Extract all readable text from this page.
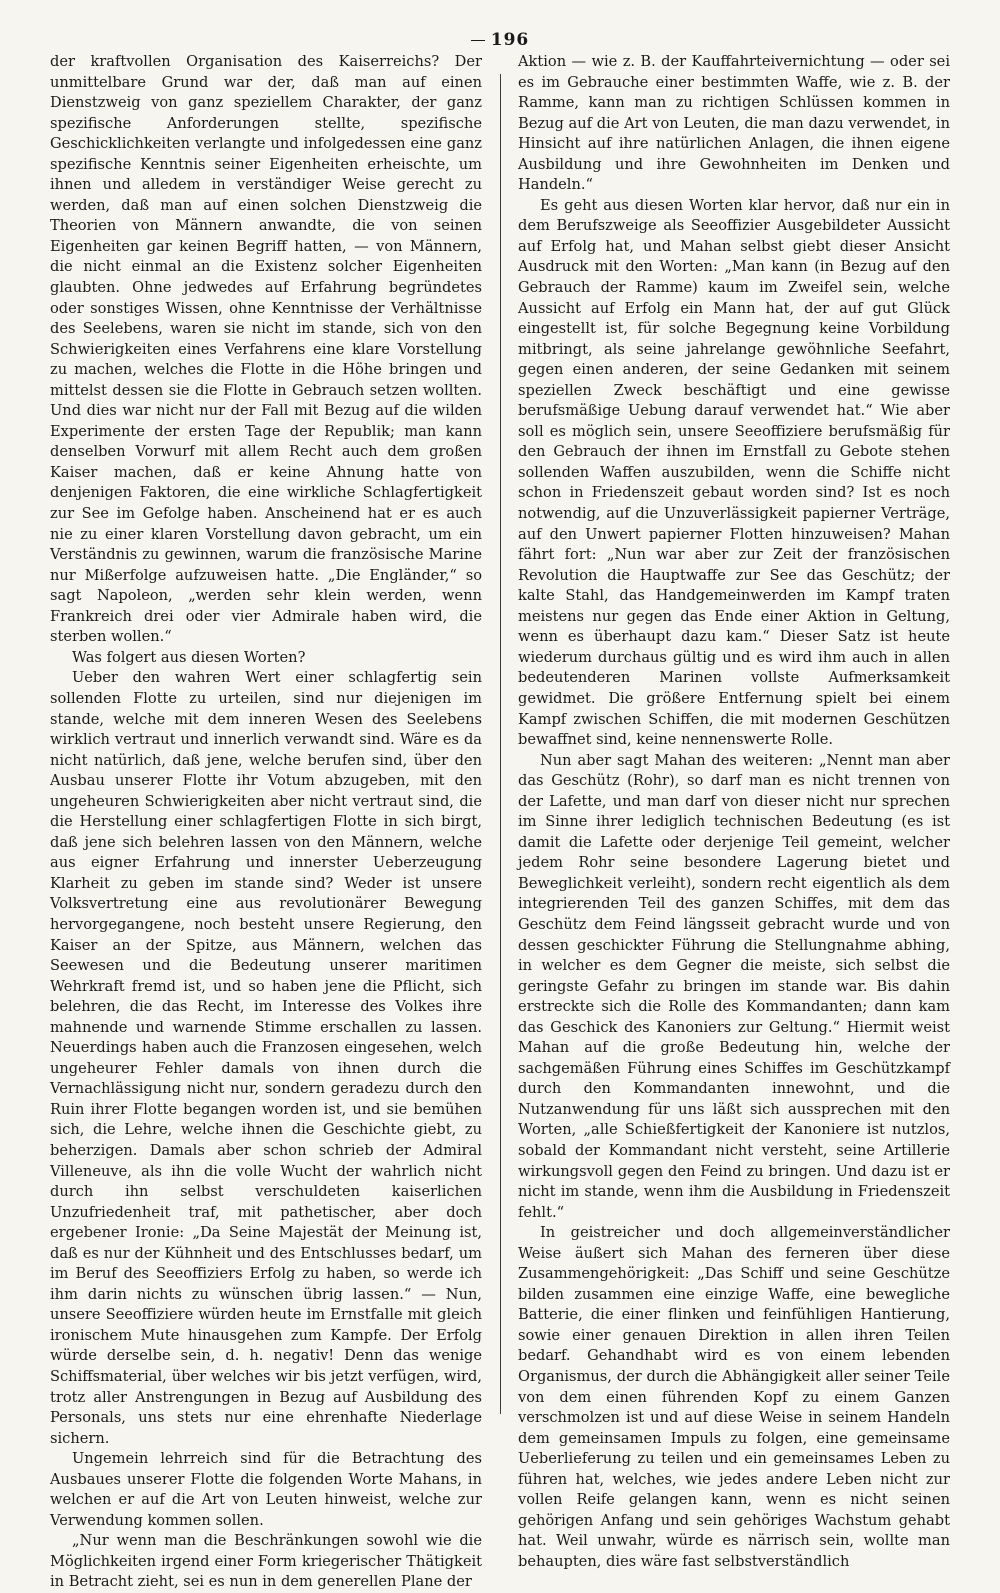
196

der kraftvollen Organisation des Kaiserreichs? Der unmittelbare Grund war der, daß man auf einen Dienstzweig von ganz speziellem Charakter, der ganz spezifische Anforderungen stellte, spezifische Geschicklichkeiten verlangte und infolgedessen eine ganz spezifische Kenntnis seiner Eigenheiten erheischte, um ihnen und alledem in verständiger Weise gerecht zu werden, daß man auf einen solchen Dienstzweig die Theorien von Männern anwandte, die von seinen Eigenheiten gar keinen Begriff hatten, — von Männern, die nicht einmal an die Existenz solcher Eigenheiten glaubten. Ohne jedwedes auf Erfahrung begründetes oder sonstiges Wissen, ohne Kenntnisse der Verhältnisse des Seelebens, waren sie nicht im stande, sich von den Schwierigkeiten eines Verfahrens eine klare Vorstellung zu machen, welches die Flotte in die Höhe bringen und mittelst dessen sie die Flotte in Gebrauch setzen wollten. Und dies war nicht nur der Fall mit Bezug auf die wilden Experimente der ersten Tage der Republik; man kann denselben Vorwurf mit allem Recht auch dem großen Kaiser machen, daß er keine Ahnung hatte von denjenigen Faktoren, die eine wirkliche Schlagfertigkeit zur See im Gefolge haben. Anscheinend hat er es auch nie zu einer klaren Vorstellung davon gebracht, um ein Verständnis zu gewinnen, warum die französische Marine nur Mißerfolge aufzuweisen hatte. „Die Engländer,“ so sagt Napoleon, „werden sehr klein werden, wenn Frankreich drei oder vier Admirale haben wird, die sterben wollen.“

Was folgert aus diesen Worten?

Ueber den wahren Wert einer schlagfertig sein sollenden Flotte zu urteilen, sind nur diejenigen im stande, welche mit dem inneren Wesen des Seelebens wirklich vertraut und innerlich verwandt sind. Wäre es da nicht natürlich, daß jene, welche berufen sind, über den Ausbau unserer Flotte ihr Votum abzugeben, mit den ungeheuren Schwierigkeiten aber nicht vertraut sind, die die Herstellung einer schlagfertigen Flotte in sich birgt, daß jene sich belehren lassen von den Männern, welche aus eigner Erfahrung und innerster Ueberzeugung Klarheit zu geben im stande sind? Weder ist unsere Volksvertretung eine aus revolutionärer Bewegung hervorgegangene, noch besteht unsere Regierung, den Kaiser an der Spitze, aus Männern, welchen das Seewesen und die Bedeutung unserer maritimen Wehrkraft fremd ist, und so haben jene die Pflicht, sich belehren, die das Recht, im Interesse des Volkes ihre mahnende und warnende Stimme erschallen zu lassen. Neuerdings haben auch die Franzosen eingesehen, welch ungeheurer Fehler damals von ihnen durch die Vernachlässigung nicht nur, sondern geradezu durch den Ruin ihrer Flotte begangen worden ist, und sie bemühen sich, die Lehre, welche ihnen die Geschichte giebt, zu beherzigen. Damals aber schon schrieb der Admiral Villeneuve, als ihn die volle Wucht der wahrlich nicht durch ihn selbst verschuldeten kaiserlichen Unzufriedenheit traf, mit pathetischer, aber doch ergebener Ironie: „Da Seine Majestät der Meinung ist, daß es nur der Kühnheit und des Entschlusses bedarf, um im Beruf des Seeoffiziers Erfolg zu haben, so werde ich ihm darin nichts zu wünschen übrig lassen.“ — Nun, unsere Seeoffiziere würden heute im Ernstfalle mit gleich ironischem Mute hinausgehen zum Kampfe. Der Erfolg würde derselbe sein, d. h. negativ! Denn das wenige Schiffsmaterial, über welches wir bis jetzt verfügen, wird, trotz aller Anstrengungen in Bezug auf Ausbildung des Personals, uns stets nur eine ehrenhafte Niederlage sichern.

Ungemein lehrreich sind für die Betrachtung des Ausbaues unserer Flotte die folgenden Worte Mahans, in welchen er auf die Art von Leuten hinweist, welche zur Verwendung kommen sollen.

„Nur wenn man die Beschränkungen sowohl wie die Möglichkeiten irgend einer Form kriegerischer Thätigkeit in Betracht zieht, sei es nun in dem generellen Plane der

Aktion — wie z. B. der Kauffahrteivernichtung — oder sei es im Gebrauche einer bestimmten Waffe, wie z. B. der Ramme, kann man zu richtigen Schlüssen kommen in Bezug auf die Art von Leuten, die man dazu verwendet, in Hinsicht auf ihre natürlichen Anlagen, die ihnen eigene Ausbildung und ihre Gewohnheiten im Denken und Handeln.“

Es geht aus diesen Worten klar hervor, daß nur ein in dem Berufszweige als Seeoffizier Ausgebildeter Aussicht auf Erfolg hat, und Mahan selbst giebt dieser Ansicht Ausdruck mit den Worten: „Man kann (in Bezug auf den Gebrauch der Ramme) kaum im Zweifel sein, welche Aussicht auf Erfolg ein Mann hat, der auf gut Glück eingestellt ist, für solche Begegnung keine Vorbildung mitbringt, als seine jahrelange gewöhnliche Seefahrt, gegen einen anderen, der seine Gedanken mit seinem speziellen Zweck beschäftigt und eine gewisse berufsmäßige Uebung darauf verwendet hat.“ Wie aber soll es möglich sein, unsere Seeoffiziere berufsmäßig für den Gebrauch der ihnen im Ernstfall zu Gebote stehen sollenden Waffen auszubilden, wenn die Schiffe nicht schon in Friedenszeit gebaut worden sind? Ist es noch notwendig, auf die Unzuverlässigkeit papierner Verträge, auf den Unwert papierner Flotten hinzuweisen? Mahan fährt fort: „Nun war aber zur Zeit der französischen Revolution die Hauptwaffe zur See das Geschütz; der kalte Stahl, das Handgemeinwerden im Kampf traten meistens nur gegen das Ende einer Aktion in Geltung, wenn es überhaupt dazu kam.“ Dieser Satz ist heute wiederum durchaus gültig und es wird ihm auch in allen bedeutenderen Marinen vollste Aufmerksamkeit gewidmet. Die größere Entfernung spielt bei einem Kampf zwischen Schiffen, die mit modernen Geschützen bewaffnet sind, keine nennenswerte Rolle.

Nun aber sagt Mahan des weiteren: „Nennt man aber das Geschütz (Rohr), so darf man es nicht trennen von der Lafette, und man darf von dieser nicht nur sprechen im Sinne ihrer lediglich technischen Bedeutung (es ist damit die Lafette oder derjenige Teil gemeint, welcher jedem Rohr seine besondere Lagerung bietet und Beweglichkeit verleiht), sondern recht eigentlich als dem integrierenden Teil des ganzen Schiffes, mit dem das Geschütz dem Feind längsseit gebracht wurde und von dessen geschickter Führung die Stellungnahme abhing, in welcher es dem Gegner die meiste, sich selbst die geringste Gefahr zu bringen im stande war. Bis dahin erstreckte sich die Rolle des Kommandanten; dann kam das Geschick des Kanoniers zur Geltung.“ Hiermit weist Mahan auf die große Bedeutung hin, welche der sachgemäßen Führung eines Schiffes im Geschützkampf durch den Kommandanten innewohnt, und die Nutzanwendung für uns läßt sich aussprechen mit den Worten, „alle Schießfertigkeit der Kanoniere ist nutzlos, sobald der Kommandant nicht versteht, seine Artillerie wirkungsvoll gegen den Feind zu bringen. Und dazu ist er nicht im stande, wenn ihm die Ausbildung in Friedenszeit fehlt.“

In geistreicher und doch allgemeinverständlicher Weise äußert sich Mahan des ferneren über diese Zusammengehörigkeit: „Das Schiff und seine Geschütze bilden zusammen eine einzige Waffe, eine bewegliche Batterie, die einer flinken und feinfühligen Hantierung, sowie einer genauen Direktion in allen ihren Teilen bedarf. Gehandhabt wird es von einem lebenden Organismus, der durch die Abhängigkeit aller seiner Teile von dem einen führenden Kopf zu einem Ganzen verschmolzen ist und auf diese Weise in seinem Handeln dem gemeinsamen Impuls zu folgen, eine gemeinsame Ueberlieferung zu teilen und ein gemeinsames Leben zu führen hat, welches, wie jedes andere Leben nicht zur vollen Reife gelangen kann, wenn es nicht seinen gehörigen Anfang und sein gehöriges Wachstum gehabt hat. Weil unwahr, würde es närrisch sein, wollte man behaupten, dies wäre fast selbstverständlich
